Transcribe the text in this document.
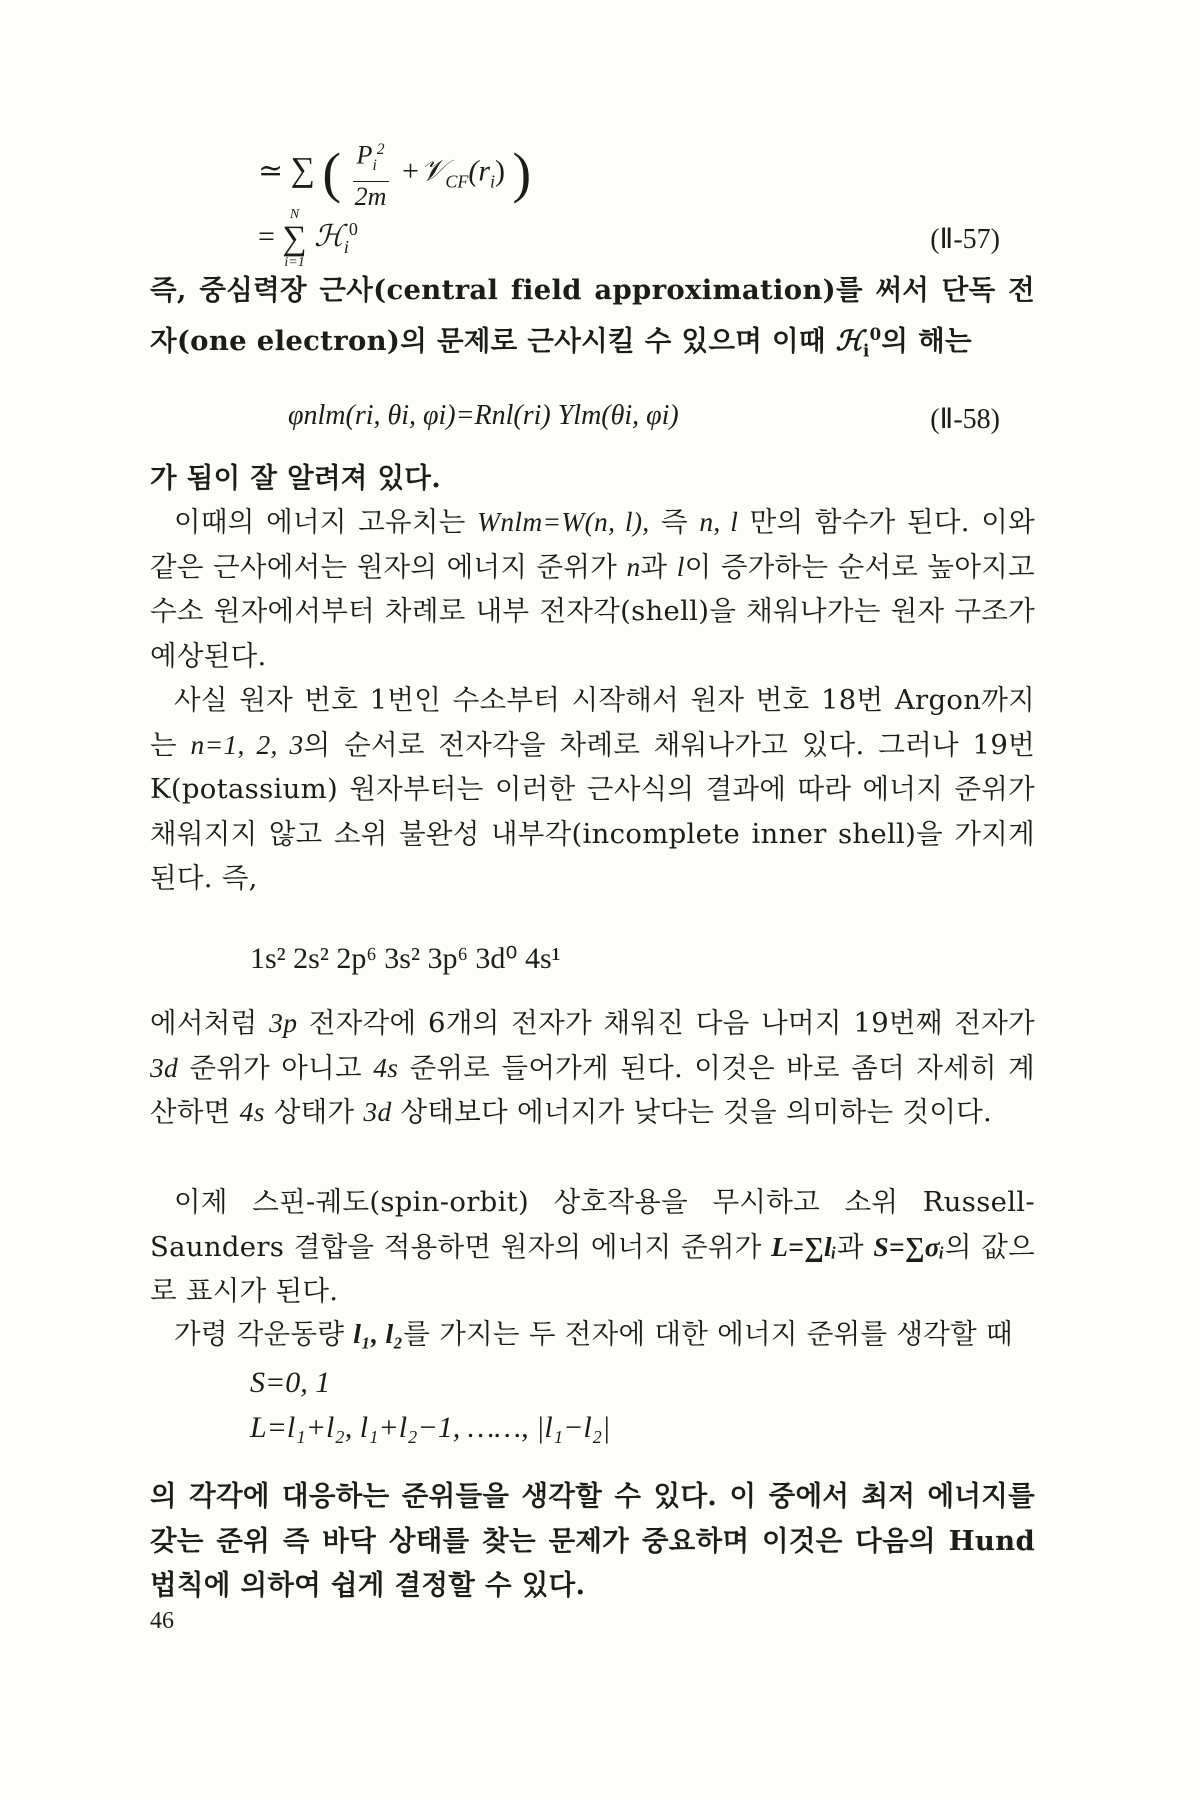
≃ ∑ ( $\frac{P_i^2}{2m}$ $+𝒱_{CF}(r_i)$ )
=
N
∑
i=1
ℋ$_i^0$	(Ⅱ-57)
즉, 중심력장 근사(central field approximation)를 써서 단독 전자(one electron)의 문제로 근사시킬 수 있으며 이때 ℋ$_i^0$의 해는
φnlm(ri, θi, φi)=Rnl(ri) Ylm(θi, φi)	(Ⅱ-58)
가 됨이 잘 알려져 있다.
이때의 에너지 고유치는 Wnlm=W(n, l), 즉 n, l 만의 함수가 된다. 이와 같은 근사에서는 원자의 에너지 준위가 n과 l이 증가하는 순서로 높아지고 수소 원자에서부터 차례로 내부 전자각(shell)을 채워나가는 원자 구조가 예상된다.
사실 원자 번호 1번인 수소부터 시작해서 원자 번호 18번 Argon까지는 n=1, 2, 3의 순서로 전자각을 차례로 채워나가고 있다. 그러나 19번 K(potassium) 원자부터는 이러한 근사식의 결과에 따라 에너지 준위가 채워지지 않고 소위 불완성 내부각(incomplete inner shell)을 가지게 된다. 즉,
1s² 2s² 2p⁶ 3s² 3p⁶ 3d⁰ 4s¹
에서처럼 3p 전자각에 6개의 전자가 채워진 다음 나머지 19번째 전자가 3d 준위가 아니고 4s 준위로 들어가게 된다. 이것은 바로 좀더 자세히 계산하면 4s 상태가 3d 상태보다 에너지가 낮다는 것을 의미하는 것이다.
이제 스핀-궤도(spin-orbit) 상호작용을 무시하고 소위 Russell-Saunders 결합을 적용하면 원자의 에너지 준위가 L=∑lᵢ과 S=∑σᵢ의 값으로 표시가 된다.
가령 각운동량 l₁, l₂를 가지는 두 전자에 대한 에너지 준위를 생각할 때
S=0, 1
L=l₁+l₂, l₁+l₂−1, ……, |l₁−l₂|
의 각각에 대응하는 준위들을 생각할 수 있다. 이 중에서 최저 에너지를 갖는 준위 즉 바닥 상태를 찾는 문제가 중요하며 이것은 다음의 Hund 법칙에 의하여 쉽게 결정할 수 있다.
46
